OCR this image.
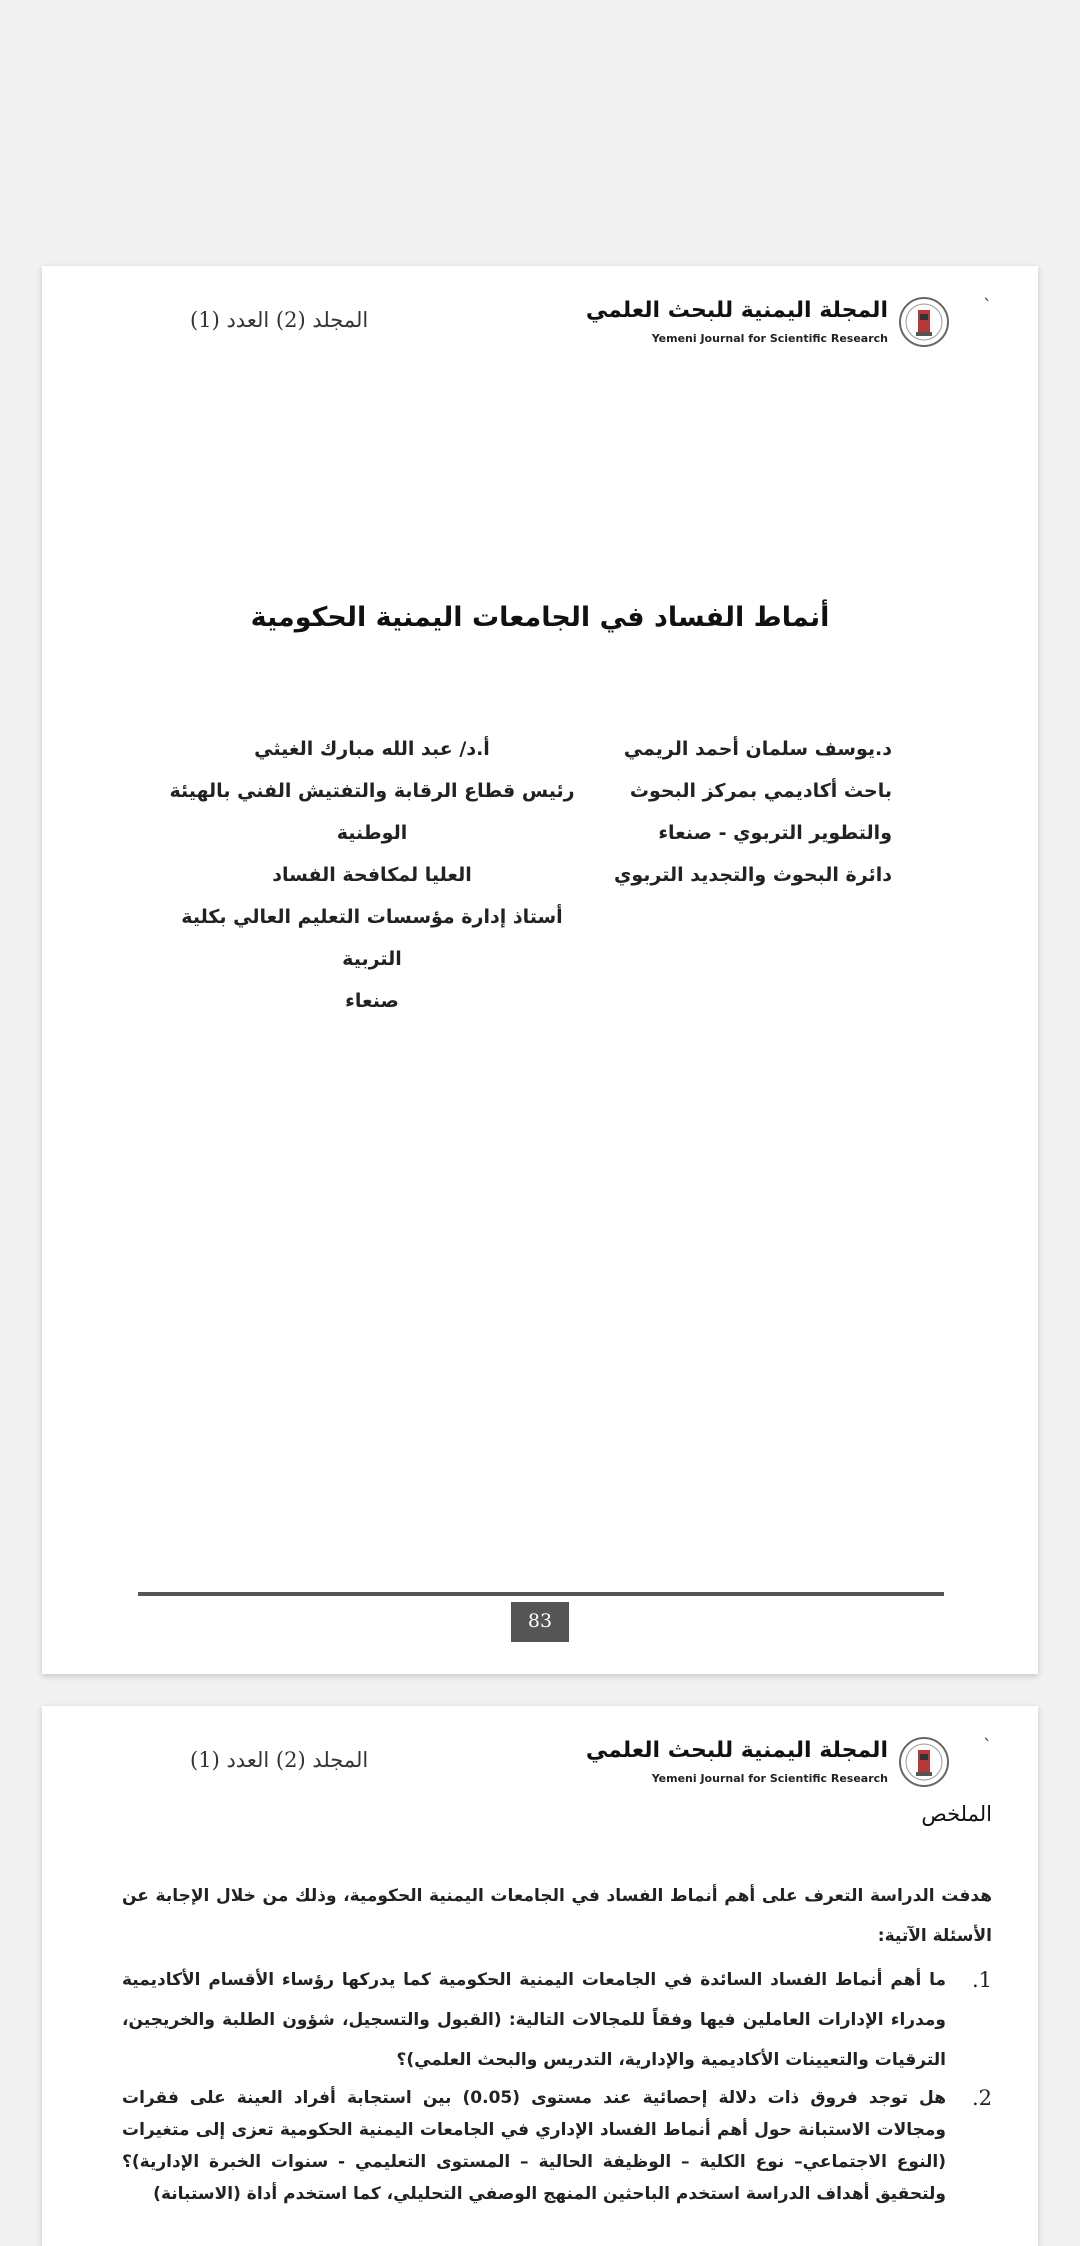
`
المجلة اليمنية للبحث العلمي
Yemeni Journal for Scientific Research
المجلد (2) العدد (1)
أنماط الفساد في الجامعات اليمنية الحكومية
د.يوسف سلمان أحمد الريمي
باحث أكاديمي بمركز البحوث
والتطوير التربوي - صنعاء
دائرة البحوث والتجديد التربوي
أ.د/ عبد الله مبارك الغيثي
رئيس قطاع الرقابة والتفتيش الفني بالهيئة الوطنية
العليا لمكافحة الفساد
أستاذ إدارة مؤسسات التعليم العالي بكلية التربية
صنعاء
83
`
المجلة اليمنية للبحث العلمي
Yemeni Journal for Scientific Research
المجلد (2) العدد (1)
الملخص
هدفت الدراسة التعرف على أهم أنماط الفساد في الجامعات اليمنية الحكومية، وذلك من خلال الإجابة عن الأسئلة الآتية:
1.
ما أهم أنماط الفساد السائدة في الجامعات اليمنية الحكومية كما يدركها رؤساء الأقسام الأكاديمية ومدراء الإدارات العاملين فيها وفقاً للمجالات التالية: (القبول والتسجيل، شؤون الطلبة والخريجين، الترقيات والتعيينات الأكاديمية والإدارية، التدريس والبحث العلمي)؟
2.
هل توجد فروق ذات دلالة إحصائية عند مستوى (0.05) بين استجابة أفراد العينة على فقرات ومجالات الاستبانة حول أهم أنماط الفساد الإداري في الجامعات اليمنية الحكومية تعزى إلى متغيرات (النوع الاجتماعي– نوع الكلية – الوظيفة الحالية – المستوى التعليمي - سنوات الخبرة الإدارية)؟ ولتحقيق أهداف الدراسة استخدم الباحثين المنهج الوصفي التحليلي، كما استخدم أداة (الاستبانة)
